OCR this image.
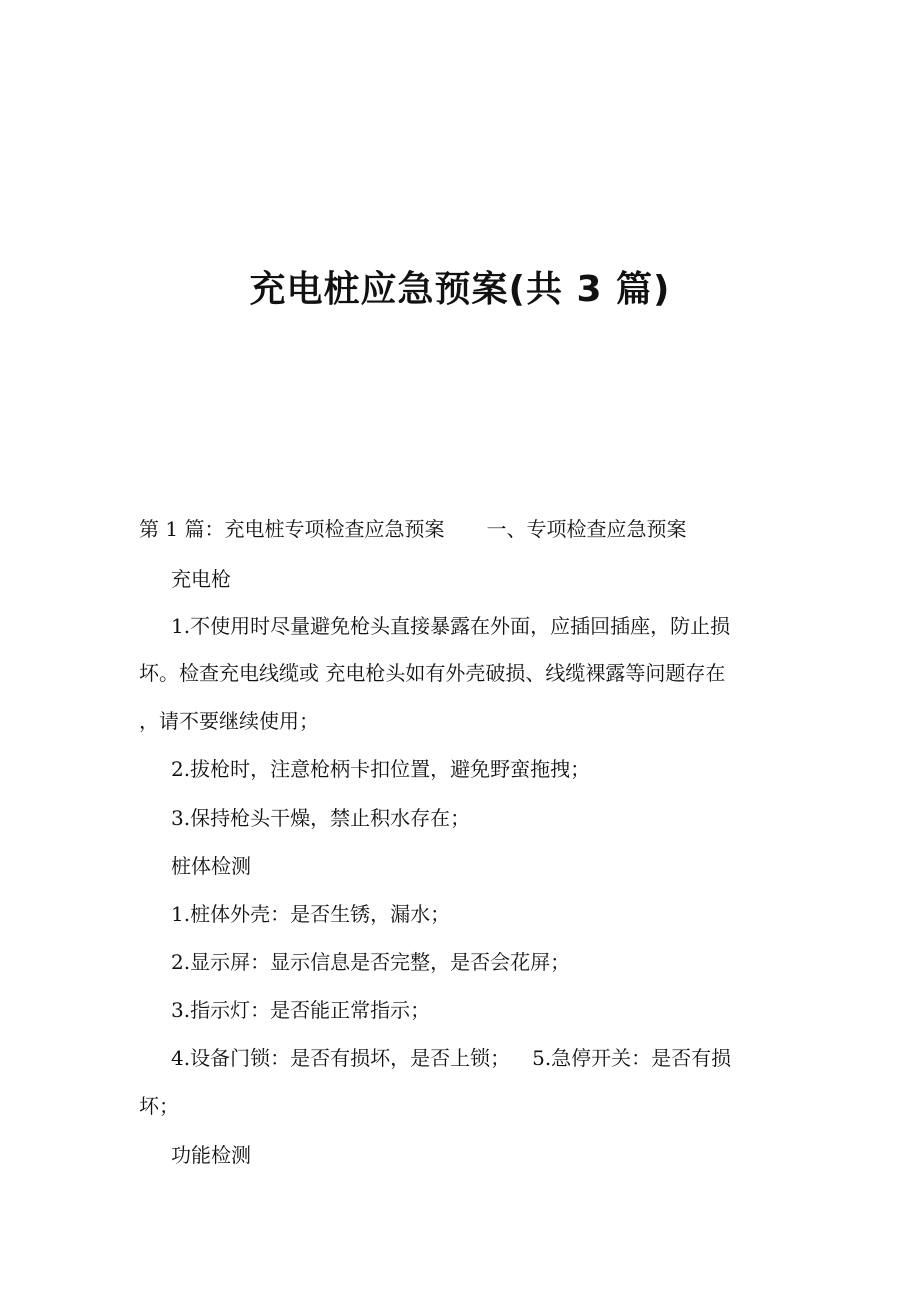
充电桩应急预案(共 3 篇)

第 1 篇：充电桩专项检查应急预案 一、专项检查应急预案

充电枪

1.不使用时尽量避免枪头直接暴露在外面，应插回插座，防止损

坏。检查充电线缆或 充电枪头如有外壳破损、线缆裸露等问题存在

，请不要继续使用；

2.拔枪时，注意枪柄卡扣位置，避免野蛮拖拽；

3.保持枪头干燥，禁止积水存在；

桩体检测

1.桩体外壳：是否生锈，漏水；

2.显示屏：显示信息是否完整，是否会花屏；

3.指示灯：是否能正常指示；

4.设备门锁：是否有损坏，是否上锁； 5.急停开关：是否有损

坏；

功能检测
